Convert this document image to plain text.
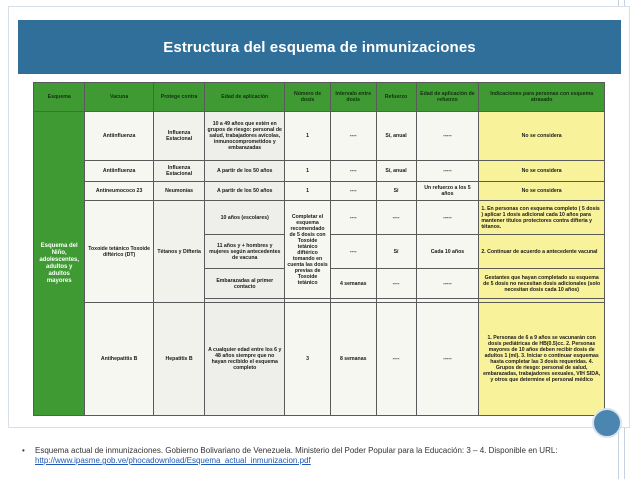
Estructura del esquema de inmunizaciones
Esquema	Vacuna	Protege contra	Edad de aplicación	Número de dosis	Intervalo entre dosis	Refuerzo	Edad de aplicación de refuerzo	Indicaciones para personas con esquema atrasado
Esquema del Niño, adolescentes, adultos y adultos mayores	Antiinfluenza	Influenza Estacional	10 a 49 años que estén en grupos de riesgo: personal de salud, trabajadores avícolas, inmunocomprometidos y embarazadas	1	----	Sí, anual	-----	No se considera
	Antiinfluenza	Influenza Estacional	A partir de los 50 años	1	----	Sí, anual	-----	No se considera
	Antineumococo 23	Neumonías	A partir de los 50 años	1	----	Sí	Un refuerzo a los 5 años	No se considera
	Toxoide tetánico Toxoide diftérico (DT)	Tétanos y Difteria	10 años (escolares)	Completar el esquema recomendado de 5 dosis con Toxoide tetánico diftérico tomando en cuenta las dosis previas de Toxoide tetánico	----	----	-----	1. En personas con esquema completo ( 5 dosis ) aplicar 1 dosis adicional cada 10 años para mantener títulos protectores contra difteria y tétanos.
			11 años y + hombres y mujeres según antecedentes de vacuna		----	Sí	Cada 10 años	2. Continuar de acuerdo a antecedente vacunal
			Embarazadas al primer contacto		4 semanas	----	-----	Gestantes que hayan completado su esquema de 5 dosis no necesitan dosis adicionales (solo necesitan dosis cada 10 años)

	Antihepatitis B	Hepatitis B	A cualquier edad entre los 6 y 48 años siempre que no hayan recibido el esquema completo	3	8 semanas	----	-----	1. Personas de 6 a 9 años se vacunarán con dosis pediátricas de HB(0.5)cc. 2. Personas mayores de 10 años deben recibir dosis de adultos 1 (ml). 3. Iniciar o continuar esquemas hasta completar las 3 dosis requeridas. 4. Grupos de riesgo: personal de salud, embarazadas, trabajadores sexuales, VIH SIDA, y otros que determine el personal médico
• Esquema actual de inmunizaciones. Gobierno Bolivariano de Venezuela. Ministerio del Poder Popular para la Educación: 3 – 4. Disponible en URL: http://www.ipasme.gob.ve/phocadownload/Esquema_actual_inmunizacion.pdf
